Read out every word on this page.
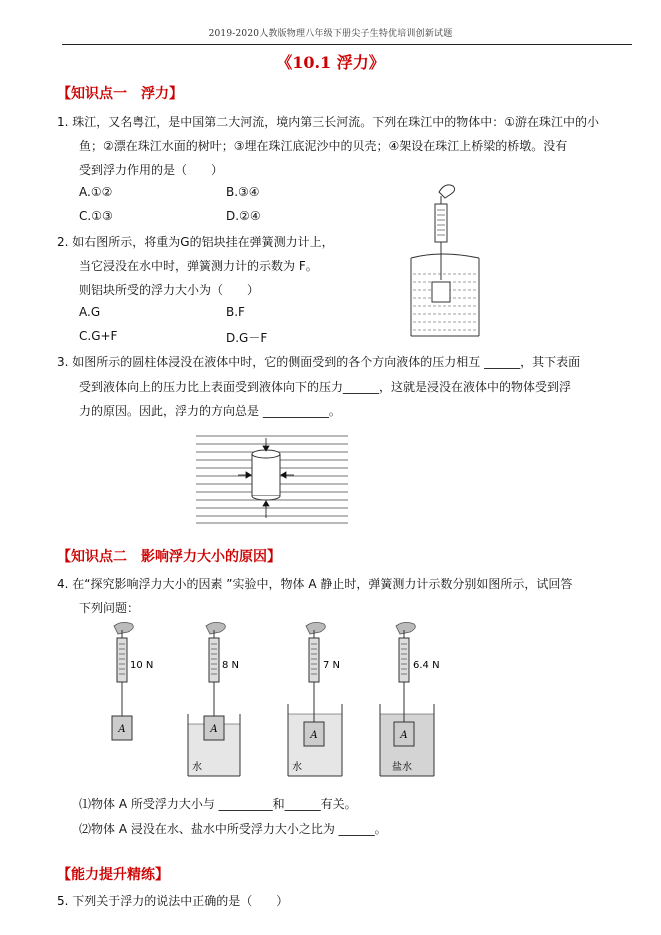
2019-2020人教版物理八年级下册尖子生特优培训创新试题
《10.1 浮力》
【知识点一　浮力】
1. 珠江，又名粤江，是中国第二大河流，境内第三长河流。下列在珠江中的物体中：①游在珠江中的小
鱼；②漂在珠江水面的树叶；③埋在珠江底泥沙中的贝壳；④架设在珠江上桥梁的桥墩。没有
受到浮力作用的是（　　）
A.①②	B.③④
C.①③	D.②④
2. 如右图所示，将重为G的铝块挂在弹簧测力计上，
当它浸没在水中时，弹簧测力计的示数为 F。
则铝块所受的浮力大小为（　　）
A.G	B.F
C.G+F	D.G－F
3. 如图所示的圆柱体浸没在液体中时，它的侧面受到的各个方向液体的压力相互 ______，其下表面
受到液体向上的压力比上表面受到液体向下的压力______，这就是浸没在液体中的物体受到浮
力的原因。因此，浮力的方向总是 ___________。
【知识点二　影响浮力大小的原因】
4. 在“探究影响浮力大小的因素 ”实验中，物体 A 静止时，弹簧测力计示数分别如图所示，试回答
下列问题：
A
10 N
A
8 N
水
A
7 N
水
A
6.4 N
盐水
⑴物体 A 所受浮力大小与 _________和______有关。
⑵物体 A 浸没在水、盐水中所受浮力大小之比为 ______。
【能力提升精练】
5. 下列关于浮力的说法中正确的是（　　）
